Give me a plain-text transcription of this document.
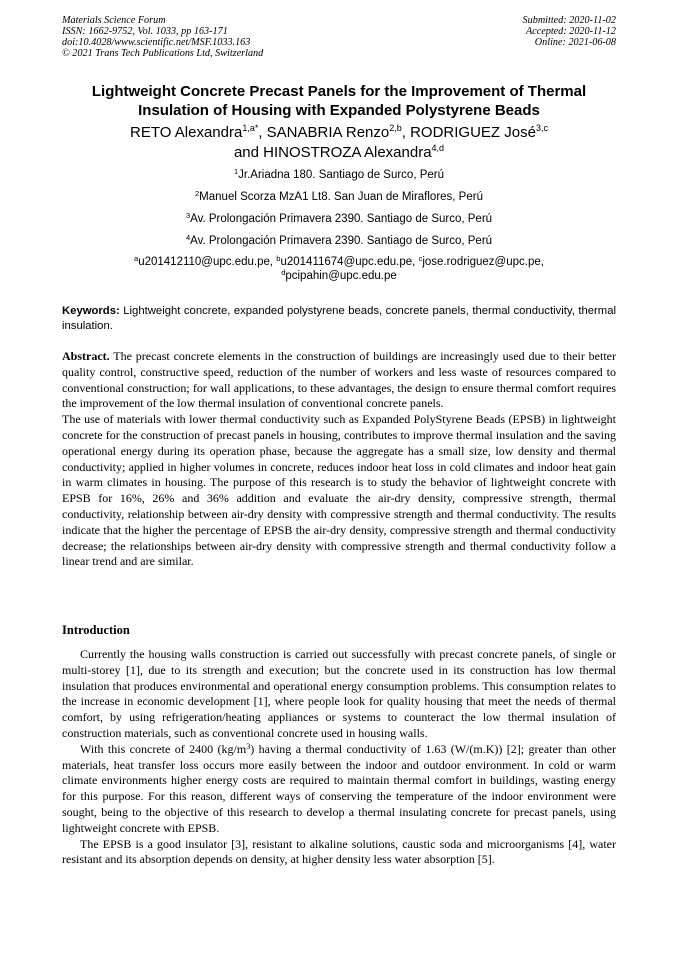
Materials Science Forum
ISSN: 1662-9752, Vol. 1033, pp 163-171
doi:10.4028/www.scientific.net/MSF.1033.163
© 2021 Trans Tech Publications Ltd, Switzerland
Submitted: 2020-11-02
Accepted: 2020-11-12
Online: 2021-06-08
Lightweight Concrete Precast Panels for the Improvement of Thermal Insulation of Housing with Expanded Polystyrene Beads
RETO Alexandra$^{1,a*}$, SANABRIA Renzo$^{2,b}$, RODRIGUEZ José$^{3,c}$
and HINOSTROZA Alexandra$^{4,d}$
$^1$Jr.Ariadna 180. Santiago de Surco, Perú
$^2$Manuel Scorza MzA1 Lt8. San Juan de Miraflores, Perú
$^3$Av. Prolongación Primavera 2390. Santiago de Surco, Perú
$^4$Av. Prolongación Primavera 2390. Santiago de Surco, Perú
$^a$u201412110@upc.edu.pe, $^b$u201411674@upc.edu.pe, $^c$jose.rodriguez@upc.pe,
$^d$pcipahin@upc.edu.pe
Keywords: Lightweight concrete, expanded polystyrene beads, concrete panels, thermal conductivity, thermal insulation.

Abstract. The precast concrete elements in the construction of buildings are increasingly used due to their better quality control, constructive speed, reduction of the number of workers and less waste of resources compared to conventional construction; for wall applications, to these advantages, the design to ensure thermal comfort requires the improvement of the low thermal insulation of conventional concrete panels.

The use of materials with lower thermal conductivity such as Expanded PolyStyrene Beads (EPSB) in lightweight concrete for the construction of precast panels in housing, contributes to improve thermal insulation and the saving operational energy during its operation phase, because the aggregate has a small size, low density and thermal conductivity; applied in higher volumes in concrete, reduces indoor heat loss in cold climates and indoor heat gain in warm climates in housing. The purpose of this research is to study the behavior of lightweight concrete with EPSB for 16%, 26% and 36% addition and evaluate the air-dry density, compressive strength, thermal conductivity, relationship between air-dry density with compressive strength and thermal conductivity. The results indicate that the higher the percentage of EPSB the air-dry density, compressive strength and thermal conductivity decrease; the relationships between air-dry density with compressive strength and thermal conductivity follow a linear trend and are similar.

Introduction

Currently the housing walls construction is carried out successfully with precast concrete panels, of single or multi-storey [1], due to its strength and execution; but the concrete used in its construction has low thermal insulation that produces environmental and operational energy consumption problems. This consumption relates to the increase in economic development [1], where people look for quality housing that meet the needs of thermal comfort, by using refrigeration/heating appliances or systems to counteract the low thermal insulation of construction materials, such as conventional concrete used in housing walls.

With this concrete of 2400 $(kg/m^3)$ having a thermal conductivity of 1.63 (W/(m.K)) [2]; greater than other materials, heat transfer loss occurs more easily between the indoor and outdoor environment. In cold or warm climate environments higher energy costs are required to maintain thermal comfort in buildings, wasting energy for this purpose. For this reason, different ways of conserving the temperature of the indoor environment were sought, being to the objective of this research to develop a thermal insulating concrete for precast panels, using lightweight concrete with EPSB.

The EPSB is a good insulator [3], resistant to alkaline solutions, caustic soda and microorganisms [4], water resistant and its absorption depends on density, at higher density less water absorption [5].
